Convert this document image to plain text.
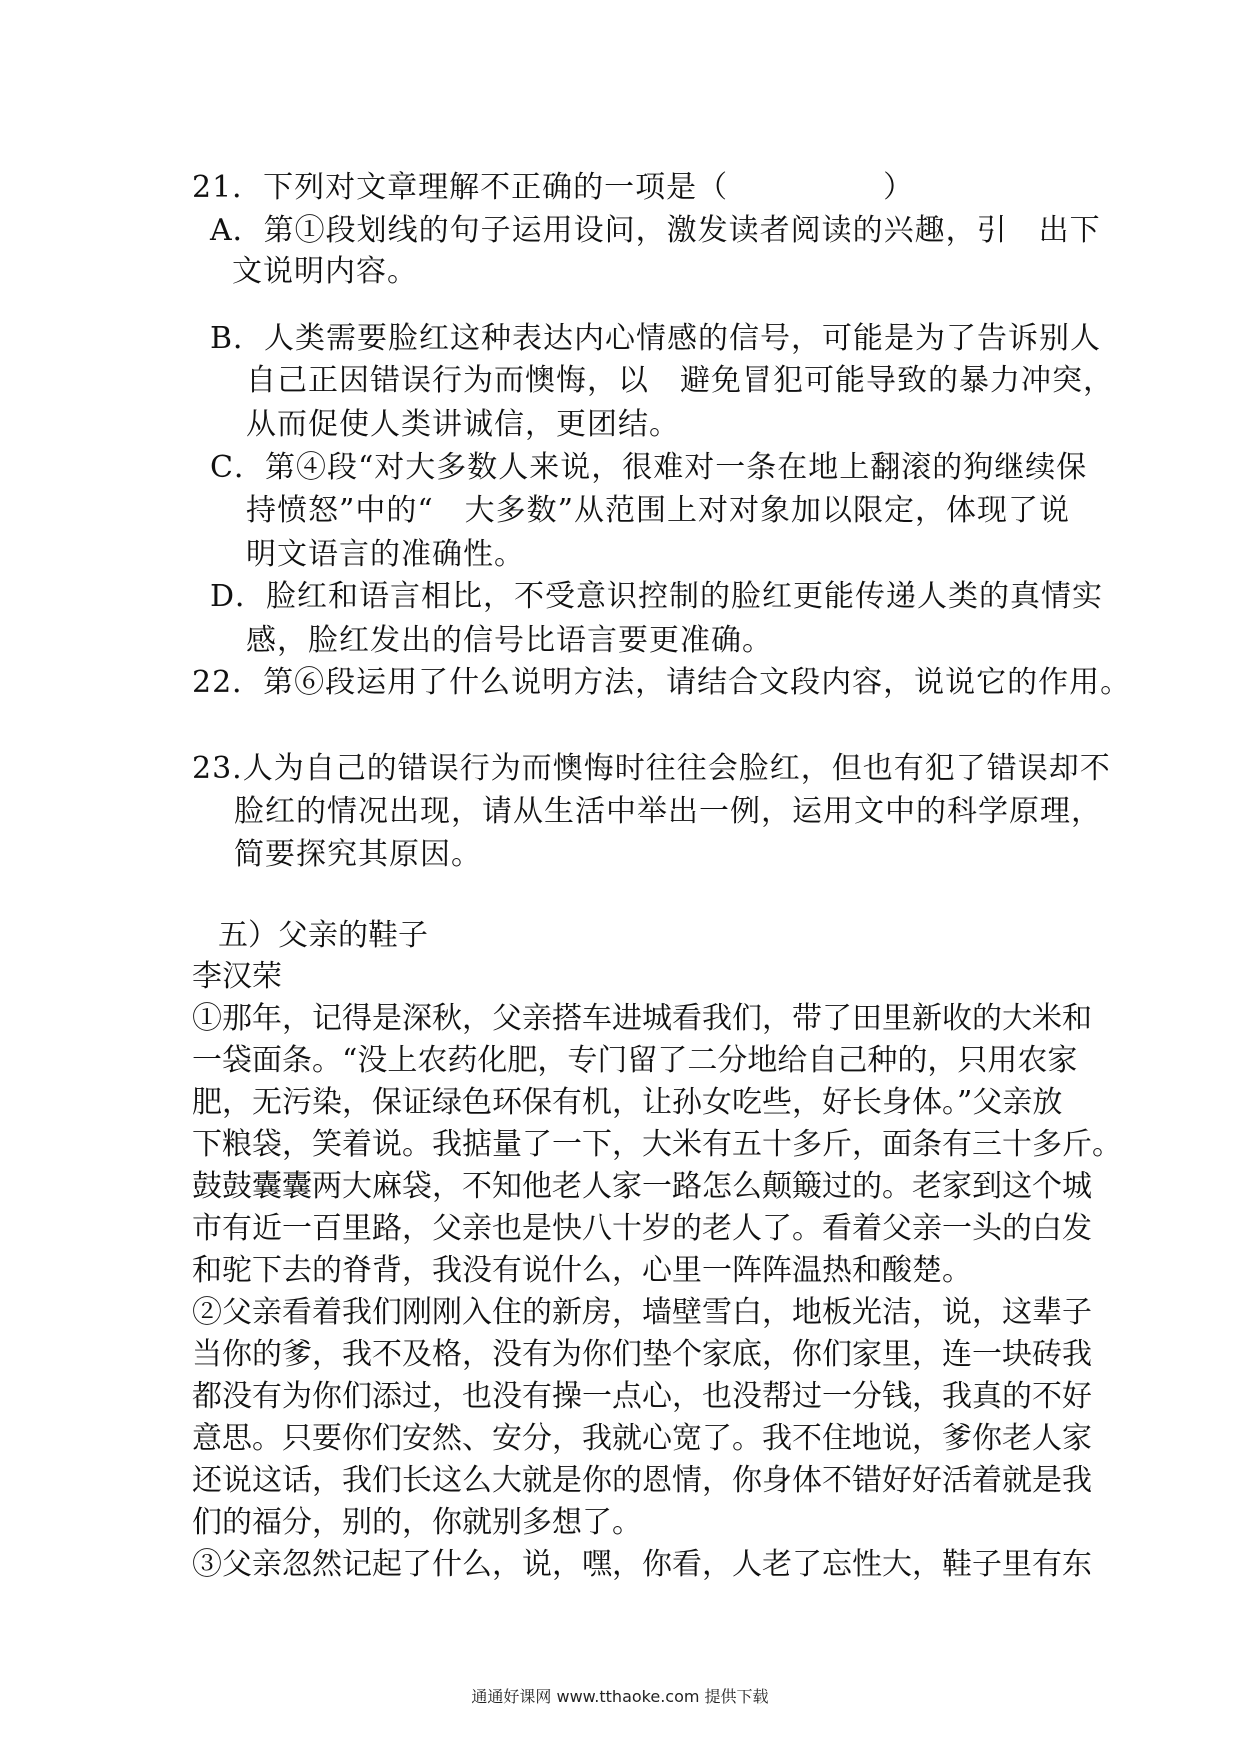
21．下列对文章理解不正确的一项是（　　　　　）
A．第①段划线的句子运用设问，激发读者阅读的兴趣，引　出下
文说明内容。
B．人类需要脸红这种表达内心情感的信号，可能是为了告诉别人
自己正因错误行为而懊悔，以　避免冒犯可能导致的暴力冲突，
从而促使人类讲诚信，更团结。
C．第④段“对大多数人来说，很难对一条在地上翻滚的狗继续保
持愤怒”中的“　大多数”从范围上对对象加以限定，体现了说
明文语言的准确性。
D．脸红和语言相比，不受意识控制的脸红更能传递人类的真情实
感，脸红发出的信号比语言要更准确。
22．第⑥段运用了什么说明方法，请结合文段内容，说说它的作用。
23.人为自己的错误行为而懊悔时往往会脸红，但也有犯了错误却不
脸红的情况出现，请从生活中举出一例，运用文中的科学原理，
简要探究其原因。
五）父亲的鞋子
李汉荣
①那年，记得是深秋，父亲搭车进城看我们，带了田里新收的大米和
一袋面条。“没上农药化肥，专门留了二分地给自己种的，只用农家
肥，无污染，保证绿色环保有机，让孙女吃些，好长身体。”父亲放
下粮袋，笑着说。我掂量了一下，大米有五十多斤，面条有三十多斤。
鼓鼓囊囊两大麻袋，不知他老人家一路怎么颠簸过的。老家到这个城
市有近一百里路，父亲也是快八十岁的老人了。看着父亲一头的白发
和驼下去的脊背，我没有说什么，心里一阵阵温热和酸楚。
②父亲看着我们刚刚入住的新房，墙壁雪白，地板光洁，说，这辈子
当你的爹，我不及格，没有为你们垫个家底，你们家里，连一块砖我
都没有为你们添过，也没有操一点心，也没帮过一分钱，我真的不好
意思。只要你们安然、安分，我就心宽了。我不住地说，爹你老人家
还说这话，我们长这么大就是你的恩情，你身体不错好好活着就是我
们的福分，别的，你就别多想了。
③父亲忽然记起了什么，说，嘿，你看，人老了忘性大，鞋子里有东
通通好课网 www.tthaoke.com 提供下载
